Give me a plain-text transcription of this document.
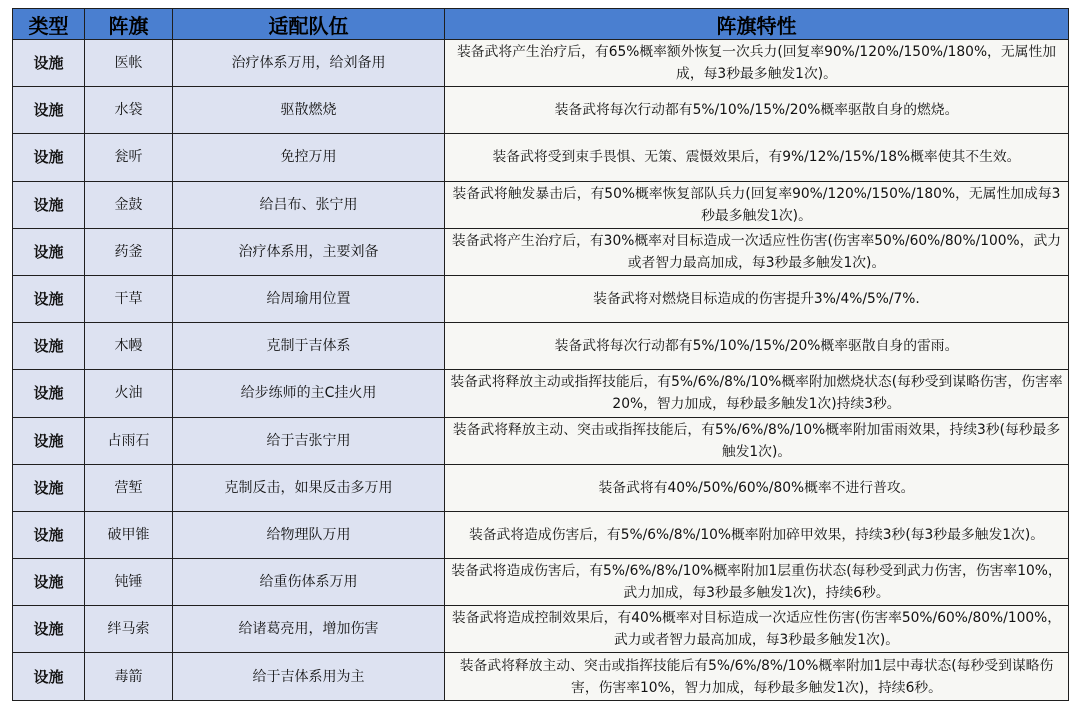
类型	阵旗	适配队伍	阵旗特性
设施	医帐	治疗体系万用，给刘备用	装备武将产生治疗后，有65%概率额外恢复一次兵力(回复率90%/120%/150%/180%，无属性加成，每3秒最多触发1次)。
设施	水袋	驱散燃烧	装备武将每次行动都有5%/10%/15%/20%概率驱散自身的燃烧。
设施	瓮听	免控万用	装备武将受到束手畏惧、无策、震慑效果后，有9%/12%/15%/18%概率使其不生效。
设施	金鼓	给吕布、张宁用	装备武将触发暴击后，有50%概率恢复部队兵力(回复率90%/120%/150%/180%，无属性加成每3秒最多触发1次)。
设施	药釜	治疗体系用，主要刘备	装备武将产生治疗后，有30%概率对目标造成一次适应性伤害(伤害率50%/60%/80%/100%，武力或者智力最高加成，每3秒最多触发1次)。
设施	干草	给周瑜用位置	装备武将对燃烧目标造成的伤害提升3%/4%/5%/7%.
设施	木幔	克制于吉体系	装备武将每次行动都有5%/10%/15%/20%概率驱散自身的雷雨。
设施	火油	给步练师的主C挂火用	装备武将释放主动或指挥技能后，有5%/6%/8%/10%概率附加燃烧状态(每秒受到谋略伤害，伤害率20%，智力加成，每秒最多触发1次)持续3秒。
设施	占雨石	给于吉张宁用	装备武将释放主动、突击或指挥技能后，有5%/6%/8%/10%概率附加雷雨效果，持续3秒(每秒最多触发1次)。
设施	营堑	克制反击，如果反击多万用	装备武将有40%/50%/60%/80%概率不进行普攻。
设施	破甲锥	给物理队万用	装备武将造成伤害后，有5%/6%/8%/10%概率附加碎甲效果，持续3秒(每3秒最多触发1次)。
设施	钝锤	给重伤体系万用	装备武将造成伤害后，有5%/6%/8%/10%概率附加1层重伤状态(每秒受到武力伤害，伤害率10%，武力加成，每3秒最多触发1次)，持续6秒。
设施	绊马索	给诸葛亮用，增加伤害	装备武将造成控制效果后，有40%概率对目标造成一次适应性伤害(伤害率50%/60%/80%/100%，武力或者智力最高加成，每3秒最多触发1次)。
设施	毒箭	给于吉体系用为主	装备武将释放主动、突击或指挥技能后有5%/6%/8%/10%概率附加1层中毒状态(每秒受到谋略伤害，伤害率10%，智力加成，每秒最多触发1次)，持续6秒。
